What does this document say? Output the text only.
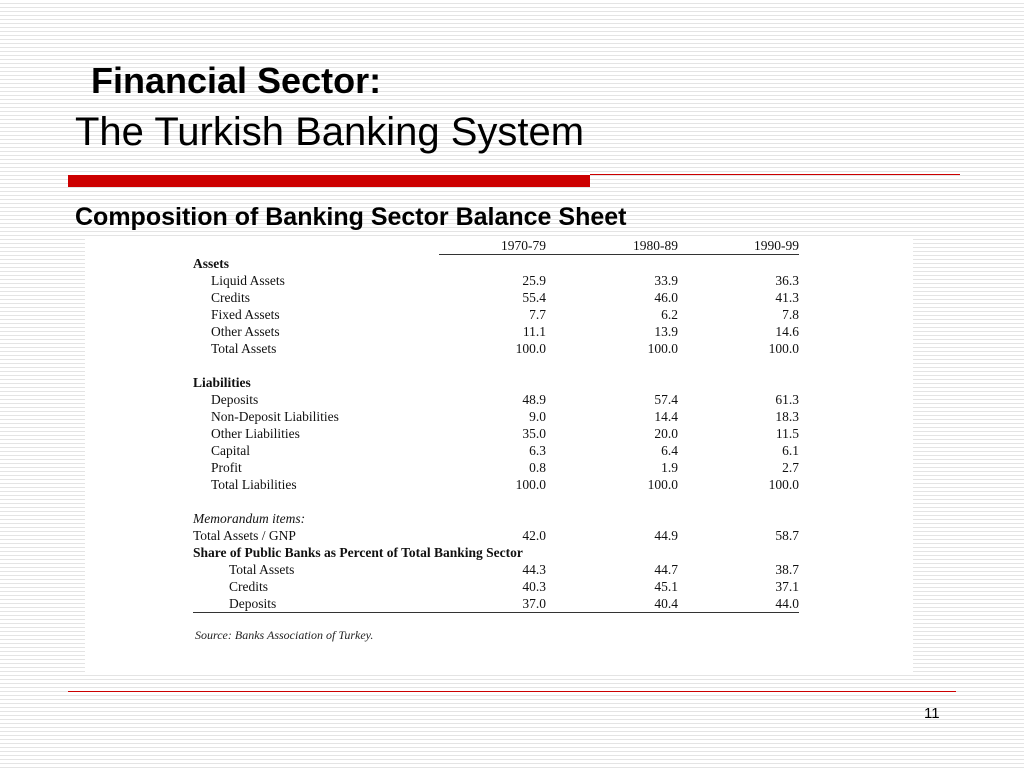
Financial Sector:
The Turkish Banking System
Composition of Banking Sector Balance Sheet
	1970-79	1980-89	1990-99
Assets			
Liquid Assets	25.9	33.9	36.3
Credits	55.4	46.0	41.3
Fixed Assets	7.7	6.2	7.8
Other Assets	11.1	13.9	14.6
Total Assets	100.0	100.0	100.0

Liabilities			
Deposits	48.9	57.4	61.3
Non-Deposit Liabilities	9.0	14.4	18.3
Other Liabilities	35.0	20.0	11.5
Capital	6.3	6.4	6.1
Profit	0.8	1.9	2.7
Total Liabilities	100.0	100.0	100.0

Memorandum items:			
Total Assets / GNP	42.0	44.9	58.7
Share of Public Banks as Percent of Total Banking Sector			
Total Assets	44.3	44.7	38.7
Credits	40.3	45.1	37.1
Deposits	37.0	40.4	44.0
Source: Banks Association of Turkey.
11
